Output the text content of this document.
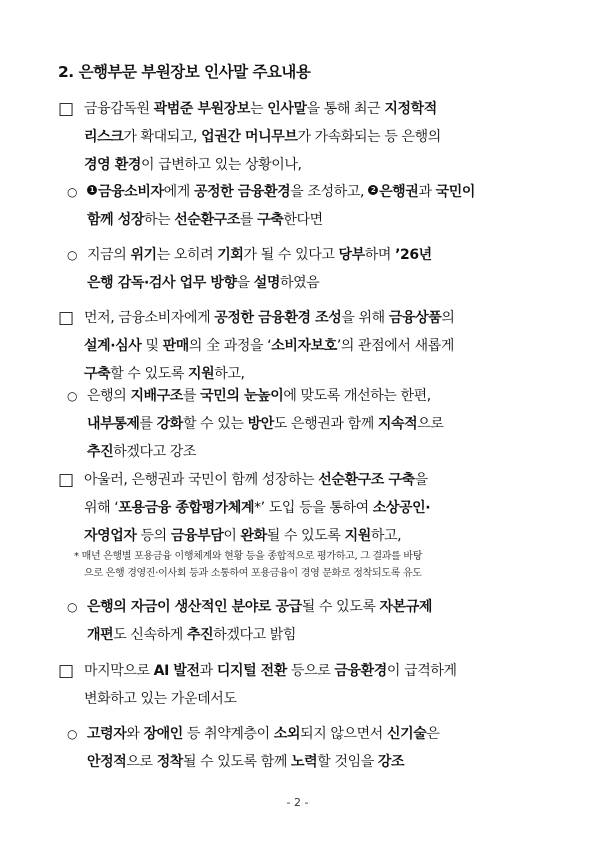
2. 은행부문 부원장보 인사말 주요내용
□ 금융감독원 곽범준 부원장보는 인사말을 통해 최근 지정학적
리스크가 확대되고, 업권간 머니무브가 가속화되는 등 은행의
경영 환경이 급변하고 있는 상황이나,
○	1 금융소비자에게 공정한 금융환경을 조성하고, 2 은행권과 국민이
함께 성장하는 선순환구조를 구축한다면
○ 지금의 위기는 오히려 기회가 될 수 있다고 당부하며 ’26년
은행 감독·검사 업무 방향을 설명하였음
□ 먼저, 금융소비자에게 공정한 금융환경 조성을 위해 금융상품의
설계·심사 및 판매의 全 과정을 ‘소비자보호’의 관점에서 새롭게
구축할 수 있도록 지원하고,
○ 은행의 지배구조를 국민의 눈높이에 맞도록 개선하는 한편,
내부통제를 강화할 수 있는 방안도 은행권과 함께 지속적으로
추진하겠다고 강조
□ 아울러, 은행권과 국민이 함께 성장하는 선순환구조 구축을
위해 ‘포용금융 종합평가체계*’ 도입 등을 통하여 소상공인·
자영업자 등의 금융부담이 완화될 수 있도록 지원하고,
* 매년 은행별 포용금융 이행체계와 현황 등을 종합적으로 평가하고, 그 결과를 바탕
으로 은행 경영진·이사회 등과 소통하여 포용금융이 경영 문화로 정착되도록 유도
○ 은행의 자금이 생산적인 분야로 공급될 수 있도록 자본규제
개편도 신속하게 추진하겠다고 밝힘
□ 마지막으로 AI 발전과 디지털 전환 등으로 금융환경이 급격하게
변화하고 있는 가운데서도
○ 고령자와 장애인 등 취약계층이 소외되지 않으면서 신기술은
안정적으로 정착될 수 있도록 함께 노력할 것임을 강조
- 2 -
